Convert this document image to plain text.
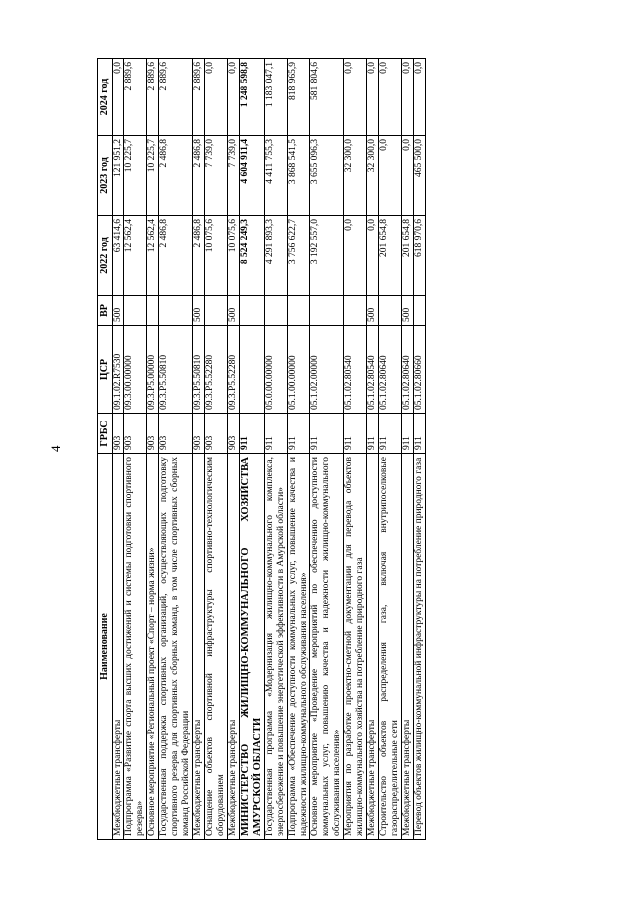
4
Наименование	ГРБС	ЦСР	ВР	2022 год	2023 год	2024 год
Межбюджетные трансферты	903	09.1.02.R7530	500	63 414,6	121 951,2	0,0
Подпрограмма «Развитие спорта высших достижений и системы подготовки спортивного резерва»	903	09.3.00.00000		12 562,4	10 225,7	2 889,6
Основное мероприятие «Региональный проект «Спорт – норма жизни»	903	09.3.P5.00000		12 562,4	10 225,7	2 889,6
Государственная поддержка спортивных организаций, осуществляющих подготовку спортивного резерва для спортивных сборных команд, в том числе спортивных сборных команд Российской Федерации	903	09.3.P5.50810		2 486,8	2 486,8	2 889,6
Межбюджетные трансферты	903	09.3.P5.50810	500	2 486,8	2 486,8	2 889,6
Оснащение объектов спортивной инфраструктуры спортивно-технологическим оборудованием	903	09.3.P5.52280		10 075,6	7 739,0	0,0
Межбюджетные трансферты	903	09.3.P5.52280	500	10 075,6	7 739,0	0,0
МИНИСТЕРСТВО ЖИЛИЩНО-КОММУНАЛЬНОГО ХОЗЯЙСТВА АМУРСКОЙ ОБЛАСТИ	911			8 524 249,3	4 604 911,4	1 248 598,8
Государственная программа «Модернизация жилищно-коммунального комплекса, энергосбережение и повышение энергетической эффективности в Амурской области»	911	05.0.00.00000		4 291 893,3	4 411 755,3	1 183 047,1
Подпрограмма «Обеспечение доступности коммунальных услуг, повышение качества и надежности жилищно-коммунального обслуживания населения»	911	05.1.00.00000		3 756 622,7	3 868 541,5	818 965,9
Основное мероприятие «Проведение мероприятий по обеспечению доступности коммунальных услуг, повышению качества и надежности жилищно-коммунального обслуживания населения»	911	05.1.02.00000		3 192 557,0	3 655 096,3	581 804,6
Мероприятия по разработке проектно-сметной документации для перевода объектов жилищно-коммунального хозяйства на потребление природного газа	911	05.1.02.80540		0,0	32 300,0	0,0
Межбюджетные трансферты	911	05.1.02.80540	500	0,0	32 300,0	0,0
Строительство объектов распределения газа, включая внутрипоселковые газораспределительные сети	911	05.1.02.80640		201 654,8	0,0	0,0
Межбюджетные трансферты	911	05.1.02.80640	500	201 654,8	0,0	0,0
Перевод объектов жилищно-коммунальной инфраструктуры на потребление природного газа	911	05.1.02.80660		618 970,6	465 500,0	0,0
